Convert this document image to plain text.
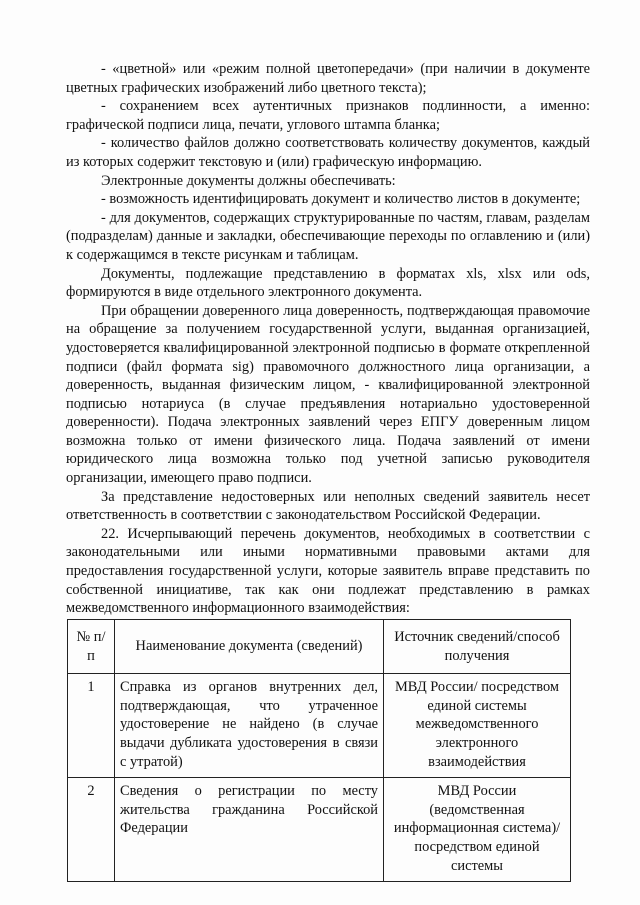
- «цветной» или «режим полной цветопередачи» (при наличии в документе цветных графических изображений либо цветного текста);

- сохранением всех аутентичных признаков подлинности, а именно: графической подписи лица, печати, углового штампа бланка;

- количество файлов должно соответствовать количеству документов, каждый из которых содержит текстовую и (или) графическую информацию.

Электронные документы должны обеспечивать:

- возможность идентифицировать документ и количество листов в документе;

- для документов, содержащих структурированные по частям, главам, разделам (подразделам) данные и закладки, обеспечивающие переходы по оглавлению и (или) к содержащимся в тексте рисункам и таблицам.

Документы, подлежащие представлению в форматах xls, xlsx или ods, формируются в виде отдельного электронного документа.

При обращении доверенного лица доверенность, подтверждающая правомочие на обращение за получением государственной услуги, выданная организацией, удостоверяется квалифицированной электронной подписью в формате открепленной подписи (файл формата sig) правомочного должностного лица организации, а доверенность, выданная физическим лицом, - квалифицированной электронной подписью нотариуса (в случае предъявления нотариально удостоверенной доверенности). Подача электронных заявлений через ЕПГУ доверенным лицом возможна только от имени физического лица. Подача заявлений от имени юридического лица возможна только под учетной записью руководителя организации, имеющего право подписи.

За представление недостоверных или неполных сведений заявитель несет ответственность в соответствии с законодательством Российской Федерации.

22. Исчерпывающий перечень документов, необходимых в соответствии с законодательными или иными нормативными правовыми актами для предоставления государственной услуги, которые заявитель вправе представить по собственной инициативе, так как они подлежат представлению в рамках межведомственного информационного взаимодействия:

№ п/п	Наименование документа (сведений)	Источник сведений/способ получения
1	Справка из органов внутренних дел, подтверждающая, что утраченное удостоверение не найдено (в случае выдачи дубликата удостоверения в связи с утратой)	МВД России/ посредством единой системы межведомственного электронного взаимодействия
2	Сведения о регистрации по месту жительства гражданина Российской Федерации	МВД России (ведомственная информационная система)/ посредством единой системы
